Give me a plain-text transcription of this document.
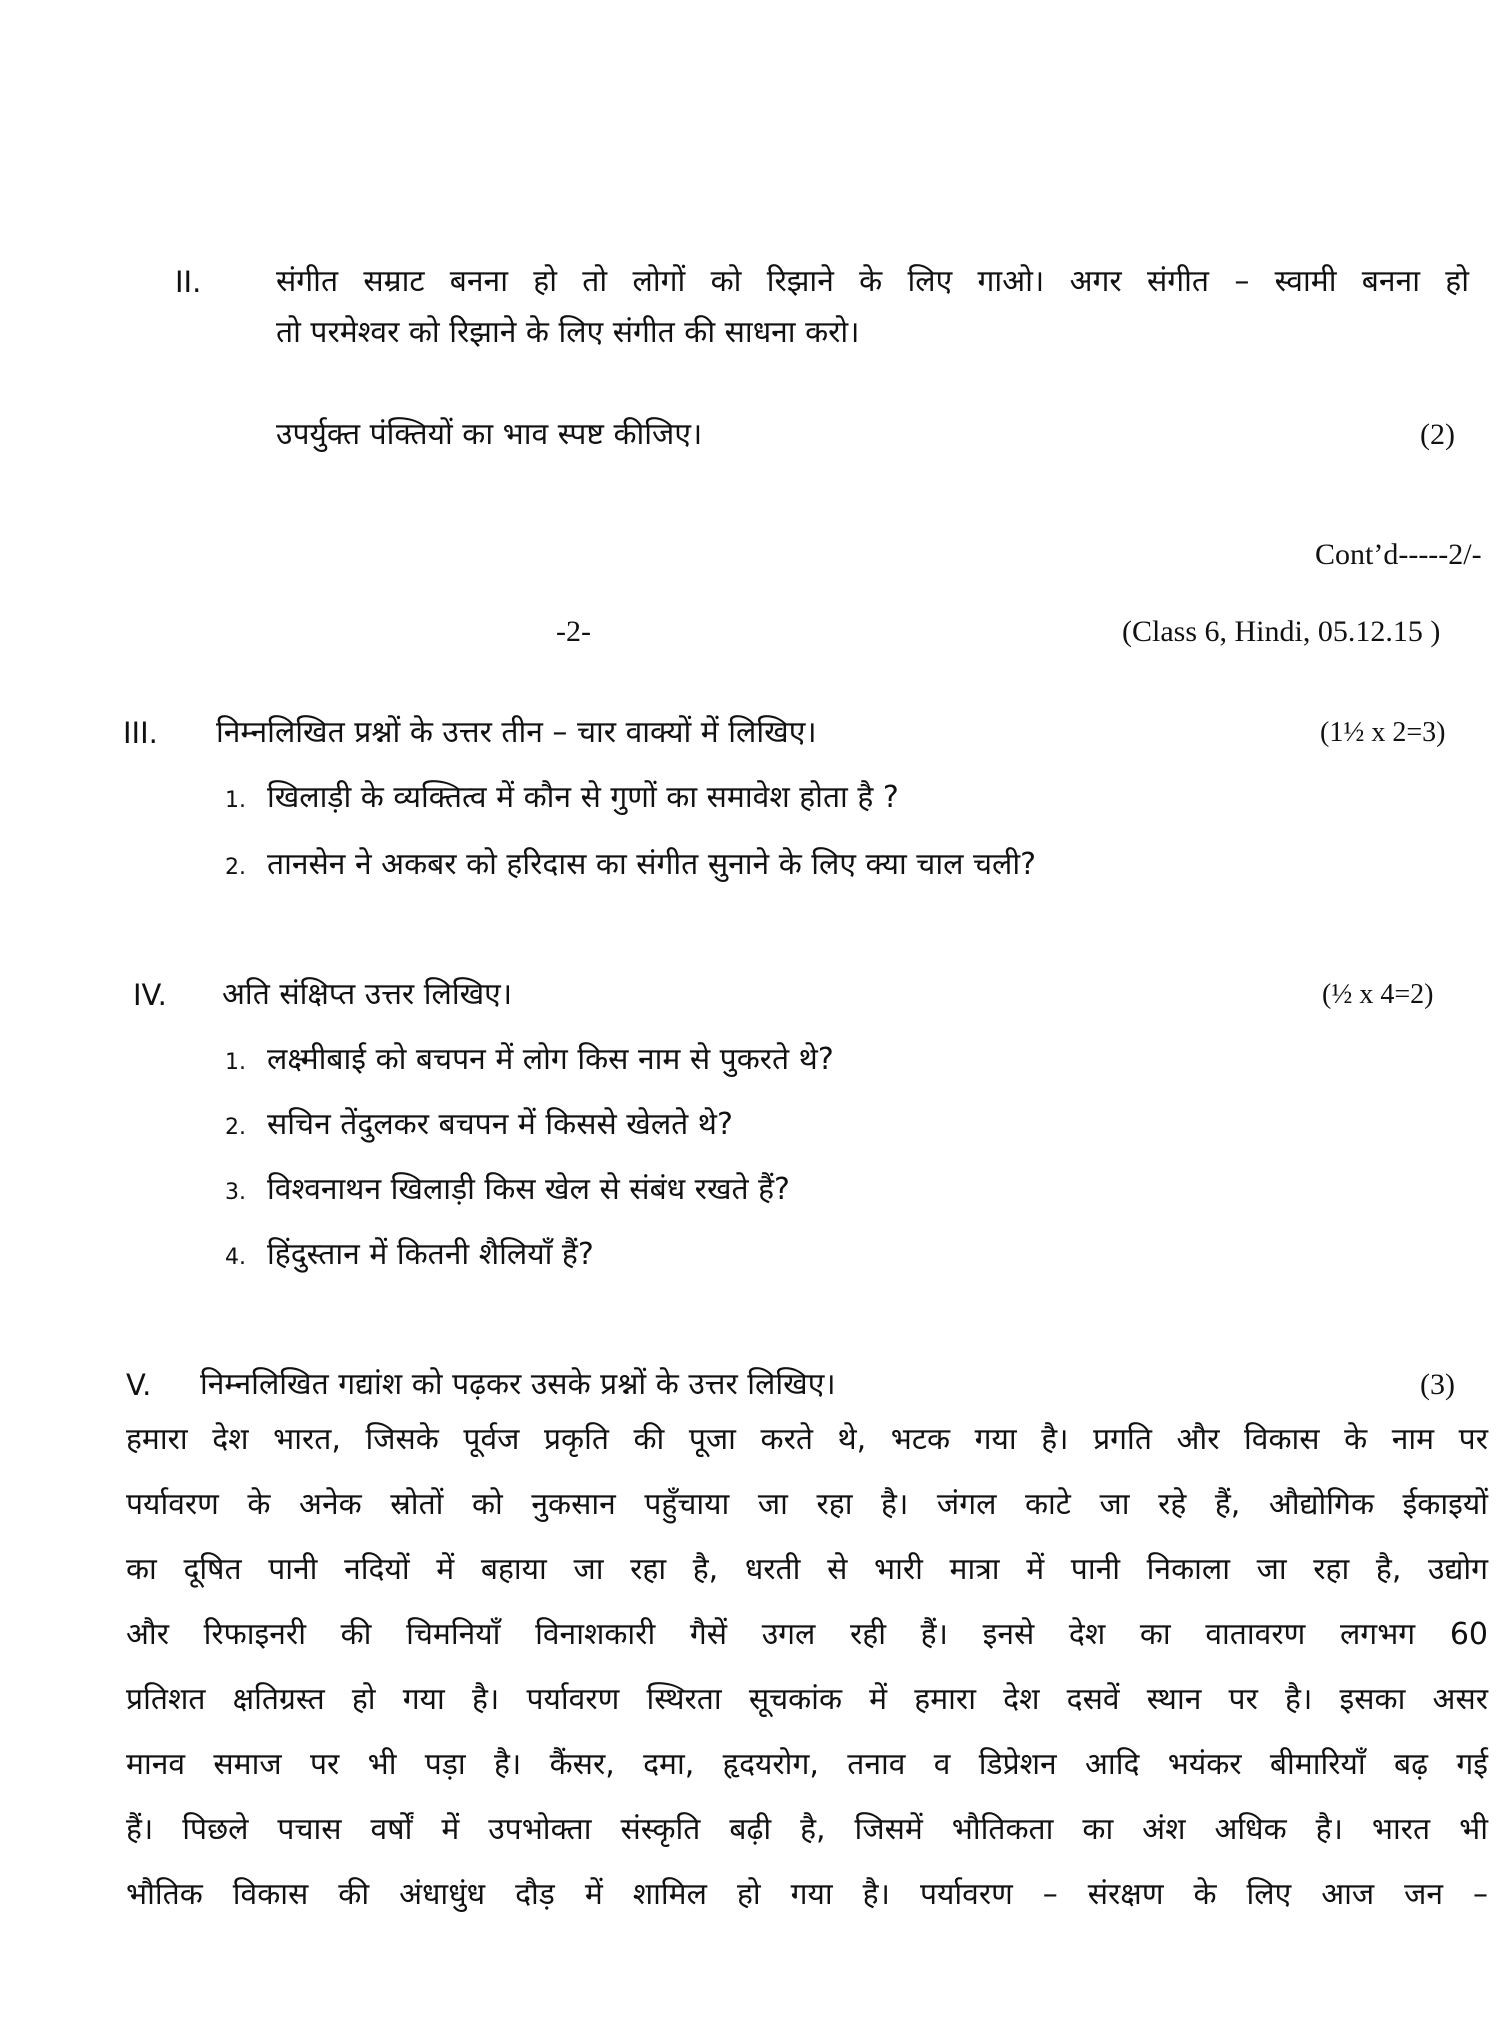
II. संगीत सम्राट बनना हो तो लोगों को रिझाने के लिए गाओ। अगर संगीत – स्वामी बनना हो
तो परमेश्वर को रिझाने के लिए संगीत की साधना करो।
उपर्युक्त पंक्तियों का भाव स्पष्ट कीजिए।	(2)
Cont’d-----2/-
-2-	(Class 6, Hindi, 05.12.15 )
III. निम्नलिखित प्रश्नों के उत्तर तीन – चार वाक्यों में लिखिए।	(1½ x 2=3)
1. खिलाड़ी के व्यक्तित्व में कौन से गुणों का समावेश होता है ?
2. तानसेन ने अकबर को हरिदास का संगीत सुनाने के लिए क्या चाल चली?
IV. अति संक्षिप्त उत्तर लिखिए।	(½ x 4=2)
1. लक्ष्मीबाई को बचपन में लोग किस नाम से पुकरते थे?
2. सचिन तेंदुलकर बचपन में किससे खेलते थे?
3. विश्वनाथन खिलाड़ी किस खेल से संबंध रखते हैं?
4. हिंदुस्तान में कितनी शैलियाँ हैं?
V. निम्नलिखित गद्यांश को पढ़कर उसके प्रश्नों के उत्तर लिखिए।	(3)
हमारा देश भारत, जिसके पूर्वज प्रकृति की पूजा करते थे, भटक गया है। प्रगति और विकास के नाम पर
पर्यावरण के अनेक स्रोतों को नुकसान पहुँचाया जा रहा है। जंगल काटे जा रहे हैं, औद्योगिक ईकाइयों
का दूषित पानी नदियों में बहाया जा रहा है, धरती से भारी मात्रा में पानी निकाला जा रहा है, उद्योग
और रिफाइनरी की चिमनियाँ विनाशकारी गैसें उगल रही हैं। इनसे देश का वातावरण लगभग 60
प्रतिशत क्षतिग्रस्त हो गया है। पर्यावरण स्थिरता सूचकांक में हमारा देश दसवें स्थान पर है। इसका असर
मानव समाज पर भी पड़ा है। कैंसर, दमा, हृदयरोग, तनाव व डिप्रेशन आदि भयंकर बीमारियाँ बढ़ गई
हैं। पिछले पचास वर्षों में उपभोक्ता संस्कृति बढ़ी है, जिसमें भौतिकता का अंश अधिक है। भारत भी
भौतिक विकास की अंधाधुंध दौड़ में शामिल हो गया है। पर्यावरण – संरक्षण के लिए आज जन –
